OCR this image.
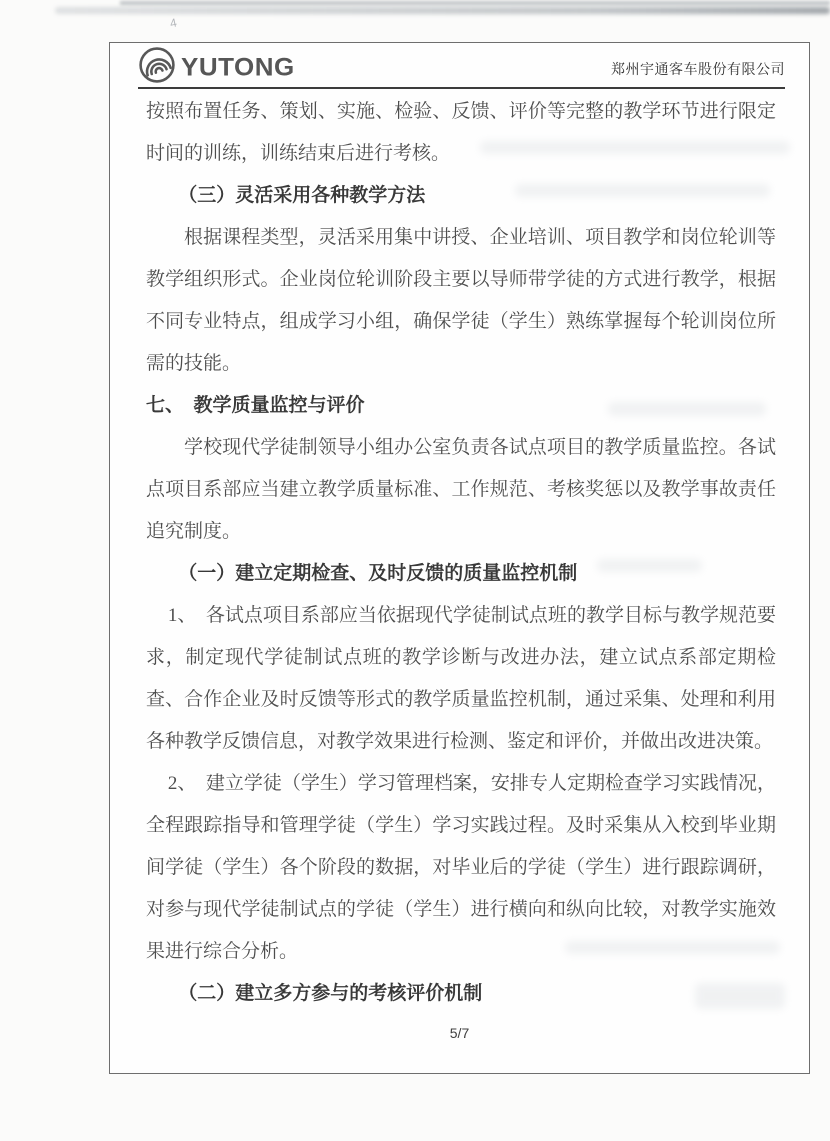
4
YUTONG	郑州宇通客车股份有限公司
按照布置任务、策划、实施、检验、反馈、评价等完整的教学环节进行限定时间的训练，训练结束后进行考核。
（三）灵活采用各种教学方法
根据课程类型，灵活采用集中讲授、企业培训、项目教学和岗位轮训等教学组织形式。企业岗位轮训阶段主要以导师带学徒的方式进行教学，根据不同专业特点，组成学习小组，确保学徒（学生）熟练掌握每个轮训岗位所需的技能。
七、　教学质量监控与评价
学校现代学徒制领导小组办公室负责各试点项目的教学质量监控。各试点项目系部应当建立教学质量标准、工作规范、考核奖惩以及教学事故责任追究制度。
（一）建立定期检查、及时反馈的质量监控机制
1、　各试点项目系部应当依据现代学徒制试点班的教学目标与教学规范要求，制定现代学徒制试点班的教学诊断与改进办法，建立试点系部定期检查、合作企业及时反馈等形式的教学质量监控机制，通过采集、处理和利用各种教学反馈信息，对教学效果进行检测、鉴定和评价，并做出改进决策。
2、　建立学徒（学生）学习管理档案，安排专人定期检查学习实践情况，全程跟踪指导和管理学徒（学生）学习实践过程。及时采集从入校到毕业期间学徒（学生）各个阶段的数据，对毕业后的学徒（学生）进行跟踪调研，对参与现代学徒制试点的学徒（学生）进行横向和纵向比较，对教学实施效果进行综合分析。
（二）建立多方参与的考核评价机制
5/7
